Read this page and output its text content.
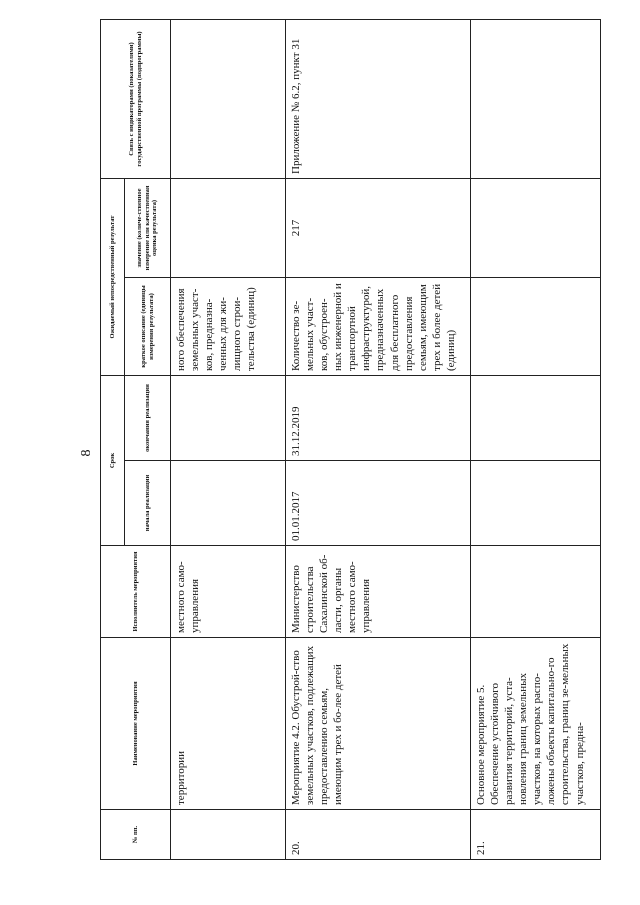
8
№ пп.	Наименование мероприятия	Исполнитель мероприятия	Срок		Ожидаемый непосредственный результат		Связь с индикаторами (показателями) государственной программы (подпрограммы)
			начала реализации	окончания реализации	краткое описание (единицы измерения результата)	значение (количе-ственное измерение или качественная оценка результата)	
	территории	местного само-управления			ного обеспечения земельных участ-ков, предназна-ченных для жи-лищного строи-тельства (единиц)		
20.	Мероприятие 4.2. Обустрой-ство земельных участков, подлежащих предоставлению семьям, имеющим трех и бо-лее детей	Министерство строительства Сахалинской об-ласти, органы местного само-управления	01.01.2017	31.12.2019	Количество зе-мельных участ-ков, обустроен-ных инженерной и транспортной инфраструктурой, предназначенных для бесплатного предоставления семьям, имеющим трех и более детей (единиц)	217	Приложение № 6.2, пункт 31
21.	Основное мероприятие 5. Обеспечение устойчивого развития территорий, уста-новления границ земельных участков, на которых распо-ложены объекты капитально-го строительства, границ зе-мельных участков, предна-						
